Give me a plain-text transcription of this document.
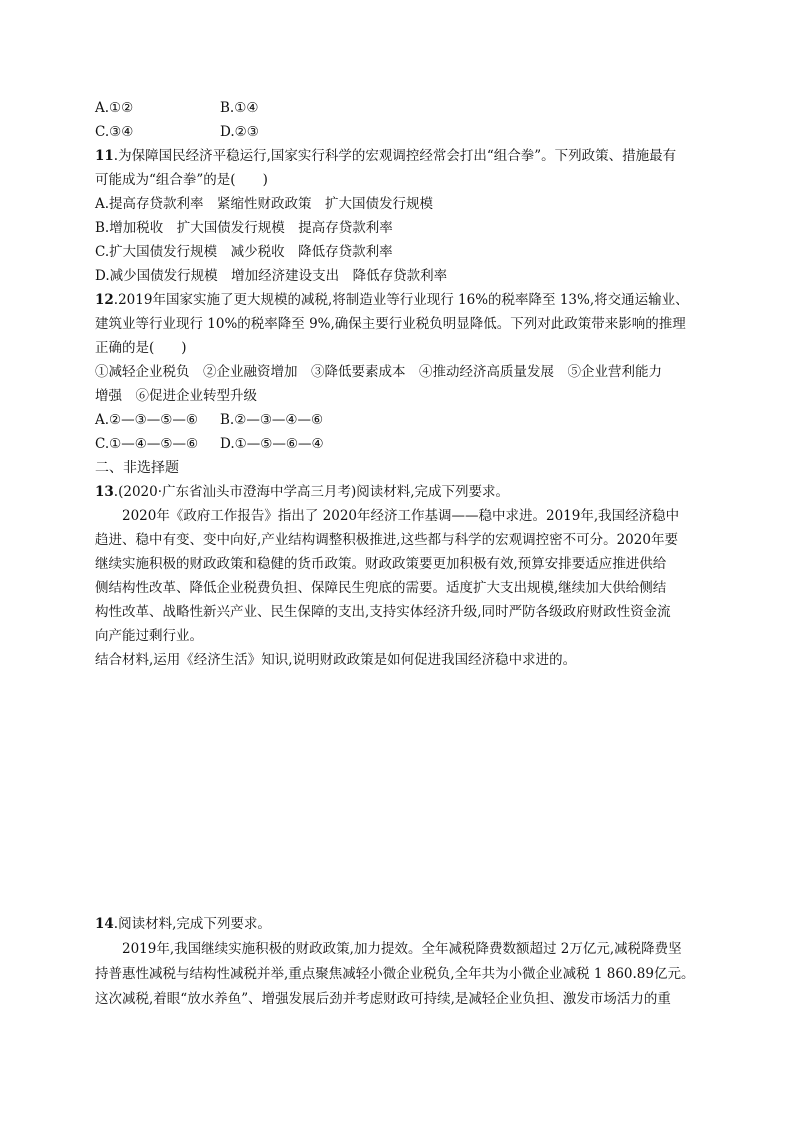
A.①②	B.①④
C.③④	D.②③
11.为保障国民经济平稳运行,国家实行科学的宏观调控经常会打出“组合拳”。下列政策、措施最有
可能成为“组合拳”的是(　　)
A.提高存贷款利率　紧缩性财政政策　扩大国债发行规模
B.增加税收　扩大国债发行规模　提高存贷款利率
C.扩大国债发行规模　减少税收　降低存贷款利率
D.减少国债发行规模　增加经济建设支出　降低存贷款利率
12.2019年国家实施了更大规模的减税,将制造业等行业现行 16%的税率降至 13%,将交通运输业、
建筑业等行业现行 10%的税率降至 9%,确保主要行业税负明显降低。下列对此政策带来影响的推理
正确的是(　　)
①减轻企业税负　②企业融资增加　③降低要素成本　④推动经济高质量发展　⑤企业营利能力
增强　⑥促进企业转型升级
A.②—③—⑤—⑥ B.②—③—④—⑥
C.①—④—⑤—⑥ D.①—⑤—⑥—④
二、非选择题
13.(2020·广东省汕头市澄海中学高三月考)阅读材料,完成下列要求。
2020年《政府工作报告》指出了 2020年经济工作基调——稳中求进。2019年,我国经济稳中
趋进、稳中有变、变中向好,产业结构调整积极推进,这些都与科学的宏观调控密不可分。2020年要
继续实施积极的财政政策和稳健的货币政策。财政政策要更加积极有效,预算安排要适应推进供给
侧结构性改革、降低企业税费负担、保障民生兜底的需要。适度扩大支出规模,继续加大供给侧结
构性改革、战略性新兴产业、民生保障的支出,支持实体经济升级,同时严防各级政府财政性资金流
向产能过剩行业。
结合材料,运用《经济生活》知识,说明财政政策是如何促进我国经济稳中求进的。
14.阅读材料,完成下列要求。
2019年,我国继续实施积极的财政政策,加力提效。全年减税降费数额超过 2万亿元,减税降费坚
持普惠性减税与结构性减税并举,重点聚焦减轻小微企业税负,全年共为小微企业减税 1 860.89亿元。
这次减税,着眼“放水养鱼”、增强发展后劲并考虑财政可持续,是减轻企业负担、激发市场活力的重
